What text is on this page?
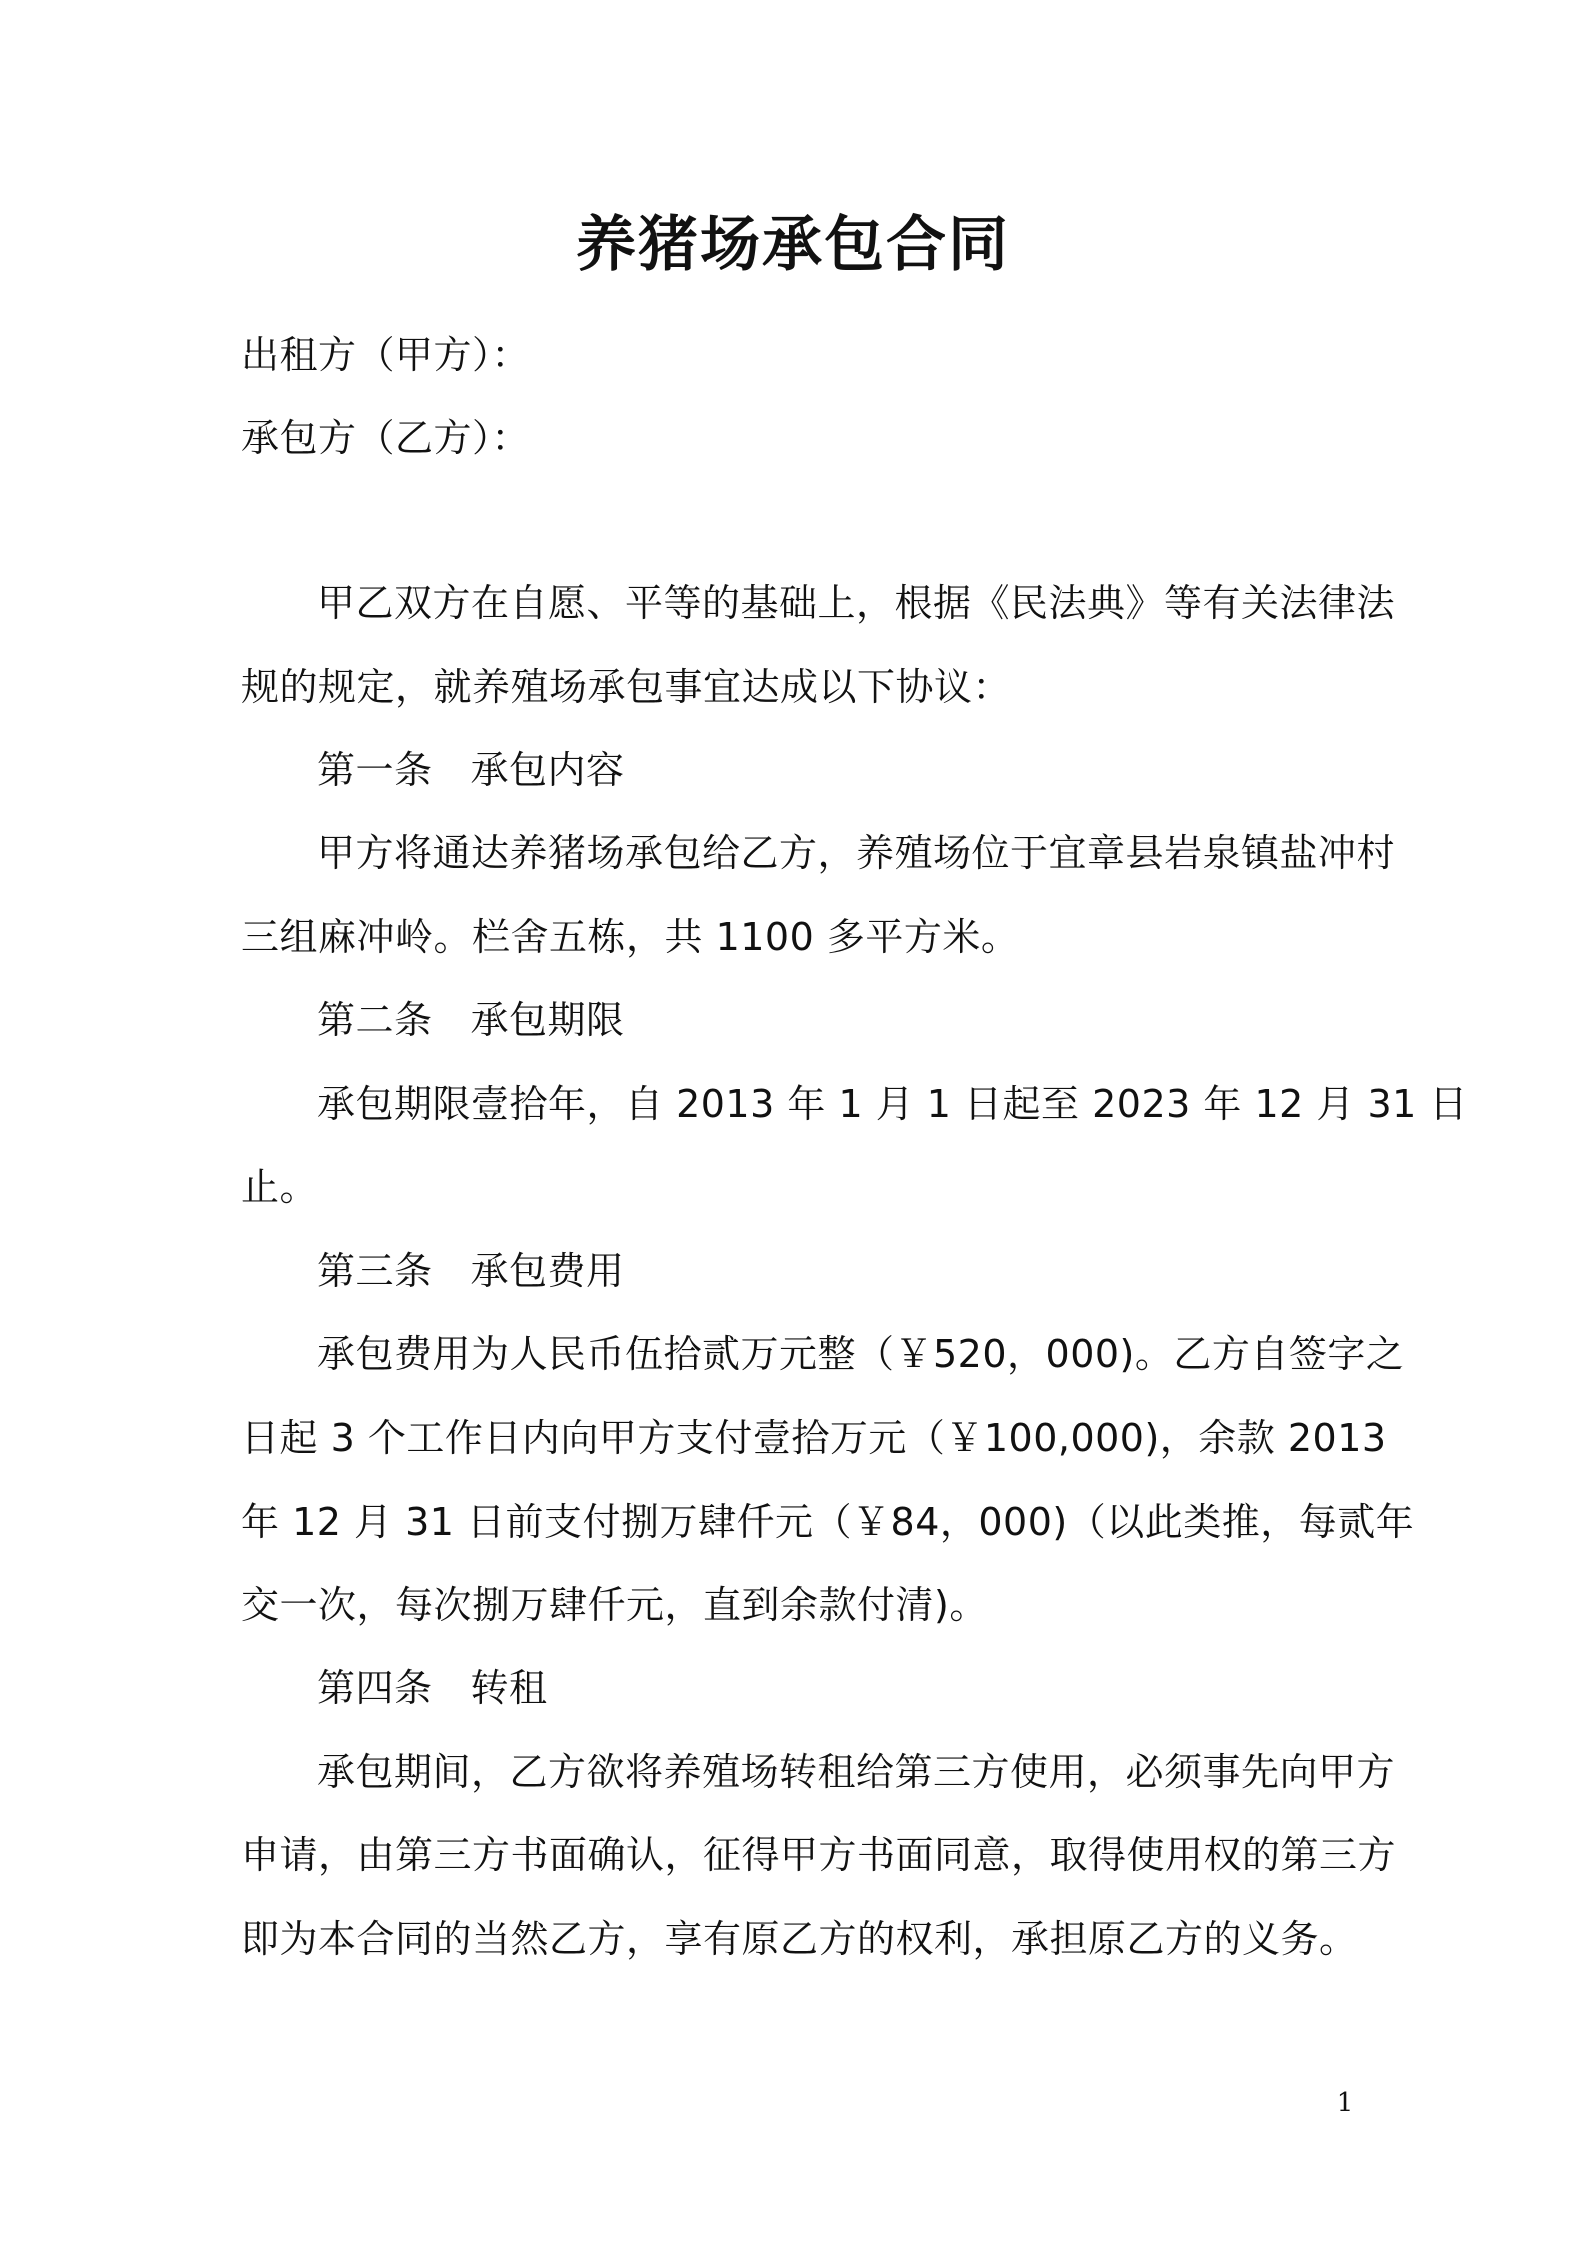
养猪场承包合同
出租方（甲方）：
承包方（乙方）：
甲乙双方在自愿、平等的基础上，根据《民法典》等有关法律法
规的规定，就养殖场承包事宜达成以下协议：
第一条 承包内容
甲方将通达养猪场承包给乙方，养殖场位于宜章县岩泉镇盐冲村
三组麻冲岭。栏舍五栋，共 1100 多平方米。
第二条 承包期限
承包期限壹拾年，自 2013 年 1 月 1 日起至 2023 年 12 月 31 日
止。
第三条 承包费用
承包费用为人民币伍拾贰万元整（￥520，000)。乙方自签字之
日起 3 个工作日内向甲方支付壹拾万元（￥100,000)，余款 2013
年 12 月 31 日前支付捌万肆仟元（￥84，000)（以此类推，每贰年
交一次，每次捌万肆仟元，直到余款付清)。
第四条 转租
承包期间，乙方欲将养殖场转租给第三方使用，必须事先向甲方
申请，由第三方书面确认，征得甲方书面同意，取得使用权的第三方
即为本合同的当然乙方，享有原乙方的权利，承担原乙方的义务。
1
